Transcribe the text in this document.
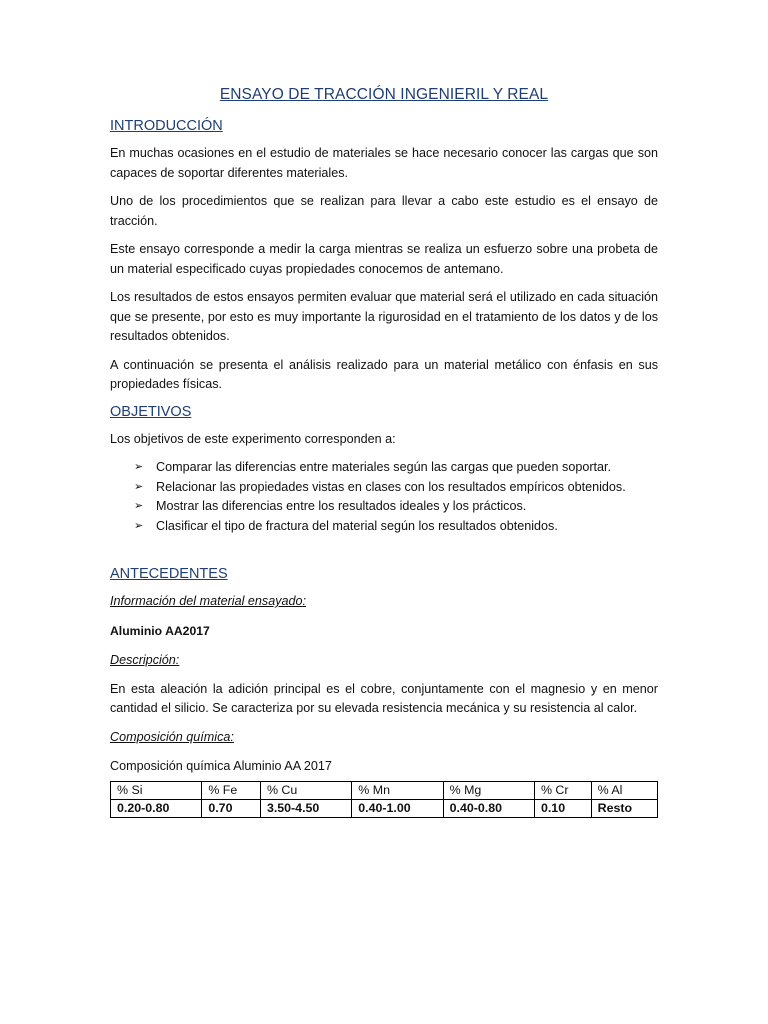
ENSAYO DE TRACCIÓN INGENIERIL Y REAL
INTRODUCCIÓN

En muchas ocasiones en el estudio de materiales se hace necesario conocer las cargas que son capaces de soportar diferentes materiales.

Uno de los procedimientos que se realizan para llevar a cabo este estudio es el ensayo de tracción.

Este ensayo corresponde a medir la carga mientras se realiza un esfuerzo sobre una probeta de un material especificado cuyas propiedades conocemos de antemano.

Los resultados de estos ensayos permiten evaluar que material será el utilizado en cada situación que se presente, por esto es muy importante la rigurosidad en el tratamiento de los datos y de los resultados obtenidos.

A continuación se presenta el análisis realizado para un material metálico con énfasis en sus propiedades físicas.

OBJETIVOS

Los objetivos de este experimento corresponden a:

➢ Comparar las diferencias entre materiales según las cargas que pueden soportar.
➢ Relacionar las propiedades vistas en clases con los resultados empíricos obtenidos.
➢ Mostrar las diferencias entre los resultados ideales y los prácticos.
➢ Clasificar el tipo de fractura del material según los resultados obtenidos.
ANTECEDENTES
Información del material ensayado:
Aluminio AA2017
Descripción:

En esta aleación la adición principal es el cobre, conjuntamente con el magnesio y en menor cantidad el silicio. Se caracteriza por su elevada resistencia mecánica y su resistencia al calor.

Composición química:

Composición química Aluminio AA 2017

% Si	% Fe	% Cu	% Mn	% Mg	% Cr	% Al
0.20-0.80	0.70	3.50-4.50	0.40-1.00	0.40-0.80	0.10	Resto
